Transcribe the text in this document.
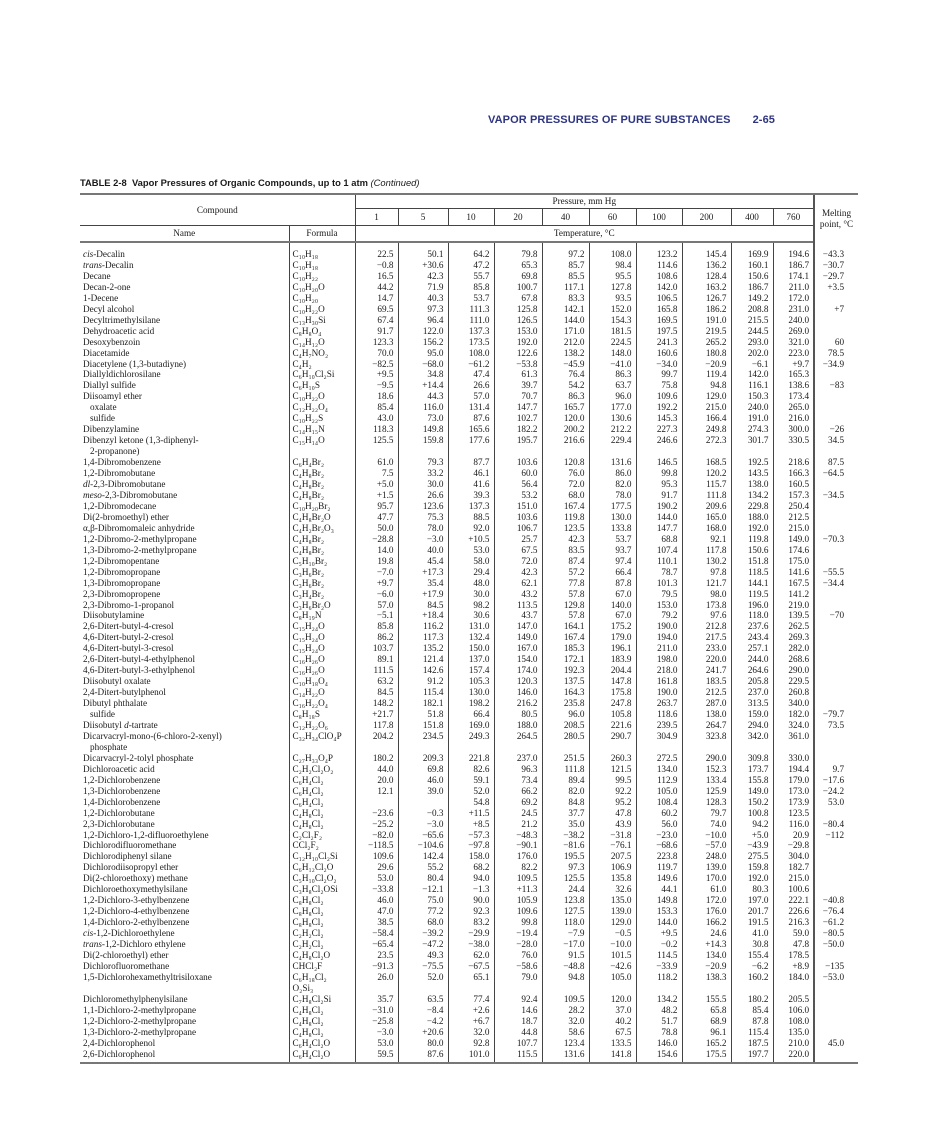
VAPOR PRESSURES OF PURE SUBSTANCES 2-65
TABLE 2-8 Vapor Pressures of Organic Compounds, up to 1 atm (Continued)
Compound		Pressure, mm Hg										Melting point, °C
		1	5	10	20	40	60	100	200	400	760	
Name	Formula	Temperature, °C										
cis-Decalin	C₁₀H₁₈	22.5	50.1	64.2	79.8	97.2	108.0	123.2	145.4	169.9	194.6	−43.3
trans-Decalin	C₁₀H₁₈	−0.8	+30.6	47.2	65.3	85.7	98.4	114.6	136.2	160.1	186.7	−30.7
Decane	C₁₀H₂₂	16.5	42.3	55.7	69.8	85.5	95.5	108.6	128.4	150.6	174.1	−29.7
Decan-2-one	C₁₀H₂₀O	44.2	71.9	85.8	100.7	117.1	127.8	142.0	163.2	186.7	211.0	+3.5
1-Decene	C₁₀H₂₀	14.7	40.3	53.7	67.8	83.3	93.5	106.5	126.7	149.2	172.0	
Decyl alcohol	C₁₀H₂₂O	69.5	97.3	111.3	125.8	142.1	152.0	165.8	186.2	208.8	231.0	+7
Decyltrimethylsilane	C₁₃H₃₀Si	67.4	96.4	111.0	126.5	144.0	154.3	169.5	191.0	215.5	240.0	
Dehydroacetic acid	C₈H₈O₄	91.7	122.0	137.3	153.0	171.0	181.5	197.5	219.5	244.5	269.0	
Desoxybenzoin	C₁₄H₁₂O	123.3	156.2	173.5	192.0	212.0	224.5	241.3	265.2	293.0	321.0	60
Diacetamide	C₄H₇NO₂	70.0	95.0	108.0	122.6	138.2	148.0	160.6	180.8	202.0	223.0	78.5
Diacetylene (1,3-butadiyne)	C₄H₂	−82.5	−68.0	−61.2	−53.8	−45.9	−41.0	−34.0	−20.9	−6.1	+9.7	−34.9
Diallyldichlorosilane	C₆H₁₀Cl₂Si	+9.5	34.8	47.4	61.3	76.4	86.3	99.7	119.4	142.0	165.3	
Diallyl sulfide	C₆H₁₀S	−9.5	+14.4	26.6	39.7	54.2	63.7	75.8	94.8	116.1	138.6	−83
Diisoamyl ether	C₁₀H₂₂O	18.6	44.3	57.0	70.7	86.3	96.0	109.6	129.0	150.3	173.4	
oxalate	C₁₂H₂₂O₄	85.4	116.0	131.4	147.7	165.7	177.0	192.2	215.0	240.0	265.0	
sulfide	C₁₀H₂₂S	43.0	73.0	87.6	102.7	120.0	130.6	145.3	166.4	191.0	216.0	
Dibenzylamine	C₁₄H₁₅N	118.3	149.8	165.6	182.2	200.2	212.2	227.3	249.8	274.3	300.0	−26
Dibenzyl ketone (1,3-diphenyl-	C₁₅H₁₄O	125.5	159.8	177.6	195.7	216.6	229.4	246.6	272.3	301.7	330.5	34.5
2-propanone)												
1,4-Dibromobenzene	C₆H₄Br₂	61.0	79.3	87.7	103.6	120.8	131.6	146.5	168.5	192.5	218.6	87.5
1,2-Dibromobutane	C₄H₈Br₂	7.5	33.2	46.1	60.0	76.0	86.0	99.8	120.2	143.5	166.3	−64.5
dl-2,3-Dibromobutane	C₄H₈Br₂	+5.0	30.0	41.6	56.4	72.0	82.0	95.3	115.7	138.0	160.5	
meso-2,3-Dibromobutane	C₄H₈Br₂	+1.5	26.6	39.3	53.2	68.0	78.0	91.7	111.8	134.2	157.3	−34.5
1,2-Dibromodecane	C₁₀H₂₀Br₂	95.7	123.6	137.3	151.0	167.4	177.5	190.2	209.6	229.8	250.4	
Di(2-bromoethyl) ether	C₄H₈Br₂O	47.7	75.3	88.5	103.6	119.8	130.0	144.0	165.0	188.0	212.5	
α,β-Dibromomaleic anhydride	C₄H₂Br₂O₃	50.0	78.0	92.0	106.7	123.5	133.8	147.7	168.0	192.0	215.0	
1,2-Dibromo-2-methylpropane	C₄H₈Br₂	−28.8	−3.0	+10.5	25.7	42.3	53.7	68.8	92.1	119.8	149.0	−70.3
1,3-Dibromo-2-methylpropane	C₄H₈Br₂	14.0	40.0	53.0	67.5	83.5	93.7	107.4	117.8	150.6	174.6	
1,2-Dibromopentane	C₅H₁₀Br₂	19.8	45.4	58.0	72.0	87.4	97.4	110.1	130.2	151.8	175.0	
1,2-Dibromopropane	C₃H₆Br₂	−7.0	+17.3	29.4	42.3	57.2	66.4	78.7	97.8	118.5	141.6	−55.5
1,3-Dibromopropane	C₃H₆Br₂	+9.7	35.4	48.0	62.1	77.8	87.8	101.3	121.7	144.1	167.5	−34.4
2,3-Dibromopropene	C₃H₄Br₂	−6.0	+17.9	30.0	43.2	57.8	67.0	79.5	98.0	119.5	141.2	
2,3-Dibromo-1-propanol	C₃H₆Br₂O	57.0	84.5	98.2	113.5	129.8	140.0	153.0	173.8	196.0	219.0	
Diisobutylamine	C₈H₁₉N	−5.1	+18.4	30.6	43.7	57.8	67.0	79.2	97.6	118.0	139.5	−70
2,6-Ditert-butyl-4-cresol	C₁₅H₂₄O	85.8	116.2	131.0	147.0	164.1	175.2	190.0	212.8	237.6	262.5	
4,6-Ditert-butyl-2-cresol	C₁₅H₂₄O	86.2	117.3	132.4	149.0	167.4	179.0	194.0	217.5	243.4	269.3	
4,6-Ditert-butyl-3-cresol	C₁₅H₂₄O	103.7	135.2	150.0	167.0	185.3	196.1	211.0	233.0	257.1	282.0	
2,6-Ditert-butyl-4-ethylphenol	C₁₆H₂₆O	89.1	121.4	137.0	154.0	172.1	183.9	198.0	220.0	244.0	268.6	
4,6-Ditert-butyl-3-ethylphenol	C₁₆H₂₆O	111.5	142.6	157.4	174.0	192.3	204.4	218.0	241.7	264.6	290.0	
Diisobutyl oxalate	C₁₀H₁₈O₄	63.2	91.2	105.3	120.3	137.5	147.8	161.8	183.5	205.8	229.5	
2,4-Ditert-butylphenol	C₁₄H₂₂O	84.5	115.4	130.0	146.0	164.3	175.8	190.0	212.5	237.0	260.8	
Dibutyl phthalate	C₁₆H₂₂O₄	148.2	182.1	198.2	216.2	235.8	247.8	263.7	287.0	313.5	340.0	
sulfide	C₈H₁₈S	+21.7	51.8	66.4	80.5	96.0	105.8	118.6	138.0	159.0	182.0	−79.7
Diisobutyl d-tartrate	C₁₂H₂₂O₆	117.8	151.8	169.0	188.0	208.5	221.6	239.5	264.7	294.0	324.0	73.5
Dicarvacryl-mono-(6-chloro-2-xenyl)	C₃₂H₃₄ClO₄P	204.2	234.5	249.3	264.5	280.5	290.7	304.9	323.8	342.0	361.0	
phosphate												
Dicarvacryl-2-tolyl phosphate	C₂₇H₃₃O₄P	180.2	209.3	221.8	237.0	251.5	260.3	272.5	290.0	309.8	330.0	
Dichloroacetic acid	C₂H₂Cl₂O₂	44.0	69.8	82.6	96.3	111.8	121.5	134.0	152.3	173.7	194.4	9.7
1,2-Dichlorobenzene	C₆H₄Cl₂	20.0	46.0	59.1	73.4	89.4	99.5	112.9	133.4	155.8	179.0	−17.6
1,3-Dichlorobenzene	C₆H₄Cl₂	12.1	39.0	52.0	66.2	82.0	92.2	105.0	125.9	149.0	173.0	−24.2
1,4-Dichlorobenzene	C₆H₄Cl₂			54.8	69.2	84.8	95.2	108.4	128.3	150.2	173.9	53.0
1,2-Dichlorobutane	C₄H₈Cl₂	−23.6	−0.3	+11.5	24.5	37.7	47.8	60.2	79.7	100.8	123.5	
2,3-Dichlorobutane	C₄H₈Cl₂	−25.2	−3.0	+8.5	21.2	35.0	43.9	56.0	74.0	94.2	116.0	−80.4
1,2-Dichloro-1,2-difluoroethylene	C₂Cl₂F₂	−82.0	−65.6	−57.3	−48.3	−38.2	−31.8	−23.0	−10.0	+5.0	20.9	−112
Dichlorodifluoromethane	CCl₂F₂	−118.5	−104.6	−97.8	−90.1	−81.6	−76.1	−68.6	−57.0	−43.9	−29.8	
Dichlorodiphenyl silane	C₁₂H₁₀Cl₂Si	109.6	142.4	158.0	176.0	195.5	207.5	223.8	248.0	275.5	304.0	
Dichlorodiisopropyl ether	C₆H₁₂Cl₂O	29.6	55.2	68.2	82.2	97.3	106.9	119.7	139.0	159.8	182.7	
Di(2-chloroethoxy) methane	C₅H₁₀Cl₂O₂	53.0	80.4	94.0	109.5	125.5	135.8	149.6	170.0	192.0	215.0	
Dichloroethoxymethylsilane	C₃H₈Cl₂OSi	−33.8	−12.1	−1.3	+11.3	24.4	32.6	44.1	61.0	80.3	100.6	
1,2-Dichloro-3-ethylbenzene	C₈H₈Cl₂	46.0	75.0	90.0	105.9	123.8	135.0	149.8	172.0	197.0	222.1	−40.8
1,2-Dichloro-4-ethylbenzene	C₈H₈Cl₂	47.0	77.2	92.3	109.6	127.5	139.0	153.3	176.0	201.7	226.6	−76.4
1,4-Dichloro-2-ethylbenzene	C₈H₈Cl₂	38.5	68.0	83.2	99.8	118.0	129.0	144.0	166.2	191.5	216.3	−61.2
cis-1,2-Dichloroethylene	C₂H₂Cl₂	−58.4	−39.2	−29.9	−19.4	−7.9	−0.5	+9.5	24.6	41.0	59.0	−80.5
trans-1,2-Dichloro ethylene	C₂H₂Cl₂	−65.4	−47.2	−38.0	−28.0	−17.0	−10.0	−0.2	+14.3	30.8	47.8	−50.0
Di(2-chloroethyl) ether	C₄H₈Cl₂O	23.5	49.3	62.0	76.0	91.5	101.5	114.5	134.0	155.4	178.5	
Dichlorofluoromethane	CHCl₂F	−91.3	−75.5	−67.5	−58.6	−48.8	−42.6	−33.9	−20.9	−6.2	+8.9	−135
1,5-Dichlorohexamethyltrisiloxane	C₆H₁₈Cl₂	26.0	52.0	65.1	79.0	94.8	105.0	118.2	138.3	160.2	184.0	−53.0
	O₂Si₃											
Dichloromethylphenylsilane	C₇H₈Cl₂Si	35.7	63.5	77.4	92.4	109.5	120.0	134.2	155.5	180.2	205.5	
1,1-Dichloro-2-methylpropane	C₄H₈Cl₂	−31.0	−8.4	+2.6	14.6	28.2	37.0	48.2	65.8	85.4	106.0	
1,2-Dichloro-2-methylpropane	C₄H₈Cl₂	−25.8	−4.2	+6.7	18.7	32.0	40.2	51.7	68.9	87.8	108.0	
1,3-Dichloro-2-methylpropane	C₄H₈Cl₂	−3.0	+20.6	32.0	44.8	58.6	67.5	78.8	96.1	115.4	135.0	
2,4-Dichlorophenol	C₆H₄Cl₂O	53.0	80.0	92.8	107.7	123.4	133.5	146.0	165.2	187.5	210.0	45.0
2,6-Dichlorophenol	C₆H₄Cl₂O	59.5	87.6	101.0	115.5	131.6	141.8	154.6	175.5	197.7	220.0	
